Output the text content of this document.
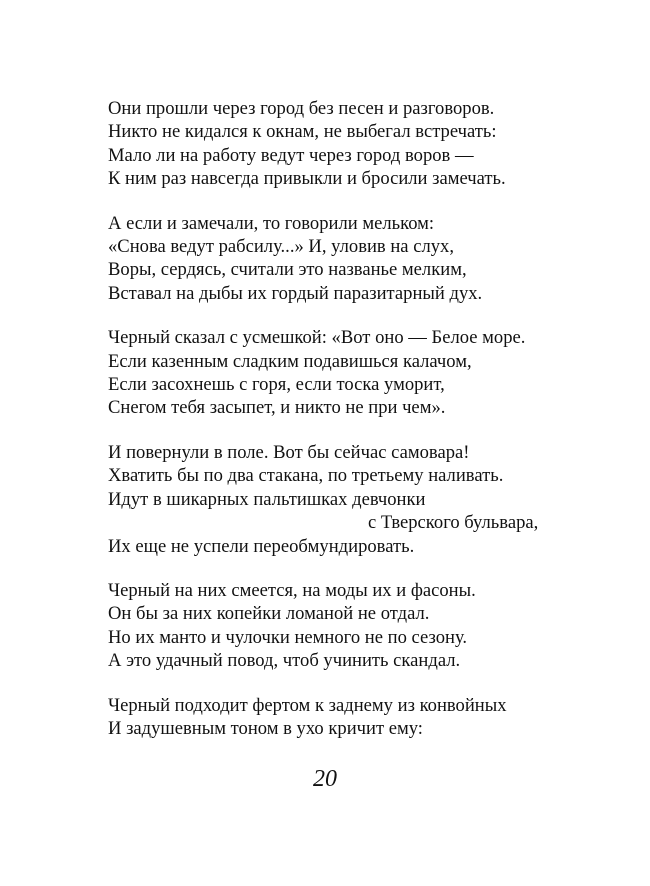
Они прошли через город без песен и разговоров.
Никто не кидался к окнам, не выбегал встречать:
Мало ли на работу ведут через город воров —
К ним раз навсегда привыкли и бросили замечать.
А если и замечали, то говорили мельком:
«Снова ведут рабсилу...» И, уловив на слух,
Воры, сердясь, считали это названье мелким,
Вставал на дыбы их гордый паразитарный дух.
Черный сказал с усмешкой: «Вот оно — Белое море.
Если казенным сладким подавишься калачом,
Если засохнешь с горя, если тоска уморит,
Снегом тебя засыпет, и никто не при чем».
И повернули в поле. Вот бы сейчас самовара!
Хватить бы по два стакана, по третьему наливать.
Идут в шикарных пальтишках девчонки
с Тверского бульвара,
Их еще не успели переобмундировать.
Черный на них смеется, на моды их и фасоны.
Он бы за них копейки ломаной не отдал.
Но их манто и чулочки немного не по сезону.
А это удачный повод, чтоб учинить скандал.
Черный подходит фертом к заднему из конвойных
И задушевным тоном в ухо кричит ему:
20
